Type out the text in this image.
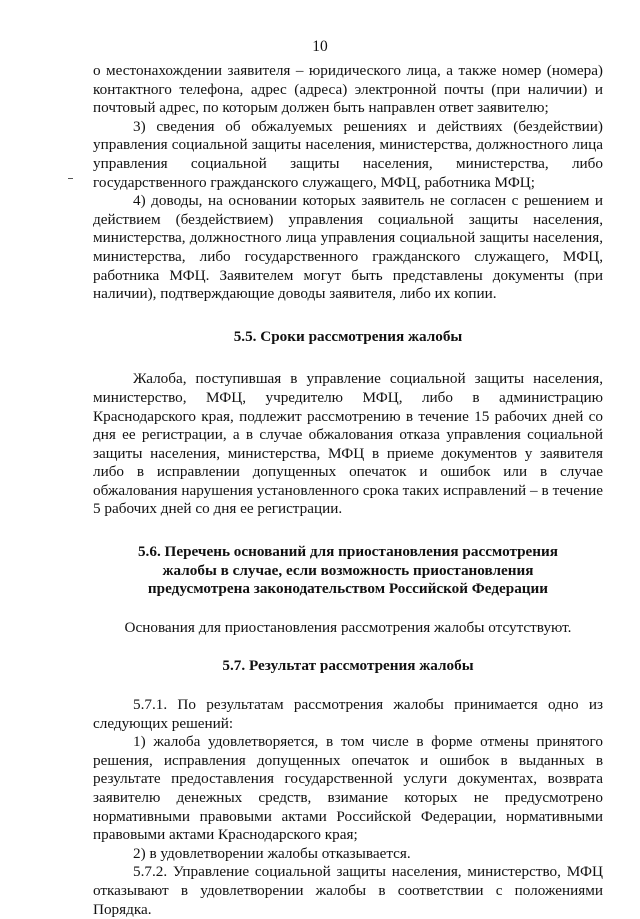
10

о местонахождении заявителя – юридического лица, а также номер (номера) контактного телефона, адрес (адреса) электронной почты (при наличии) и почтовый адрес, по которым должен быть направлен ответ заявителю;

3) сведения об обжалуемых решениях и действиях (бездействии) управления социальной защиты населения, министерства, должностного лица управления социальной защиты населения, министерства, либо государственного гражданского служащего, МФЦ, работника МФЦ;

4) доводы, на основании которых заявитель не согласен с решением и действием (бездействием) управления социальной защиты населения, министерства, должностного лица управления социальной защиты населения, министерства, либо государственного гражданского служащего, МФЦ, работника МФЦ. Заявителем могут быть представлены документы (при наличии), подтверждающие доводы заявителя, либо их копии.

5.5. Сроки рассмотрения жалобы

Жалоба, поступившая в управление социальной защиты населения, министерство, МФЦ, учредителю МФЦ, либо в администрацию Краснодарского края, подлежит рассмотрению в течение 15 рабочих дней со дня ее регистрации, а в случае обжалования отказа управления социальной защиты населения, министерства, МФЦ в приеме документов у заявителя либо в исправлении допущенных опечаток и ошибок или в случае обжалования нарушения установленного срока таких исправлений – в течение 5 рабочих дней со дня ее регистрации.

5.6. Перечень оснований для приостановления рассмотрения

жалобы в случае, если возможность приостановления

предусмотрена законодательством Российской Федерации

Основания для приостановления рассмотрения жалобы отсутствуют.

5.7. Результат рассмотрения жалобы

5.7.1. По результатам рассмотрения жалобы принимается одно из следующих решений:

1) жалоба удовлетворяется, в том числе в форме отмены принятого решения, исправления допущенных опечаток и ошибок в выданных в результате предоставления государственной услуги документах, возврата заявителю денежных средств, взимание которых не предусмотрено нормативными правовыми актами Российской Федерации, нормативными правовыми актами Краснодарского края;

2) в удовлетворении жалобы отказывается.

5.7.2. Управление социальной защиты населения, министерство, МФЦ отказывают в удовлетворении жалобы в соответствии с положениями Порядка.
